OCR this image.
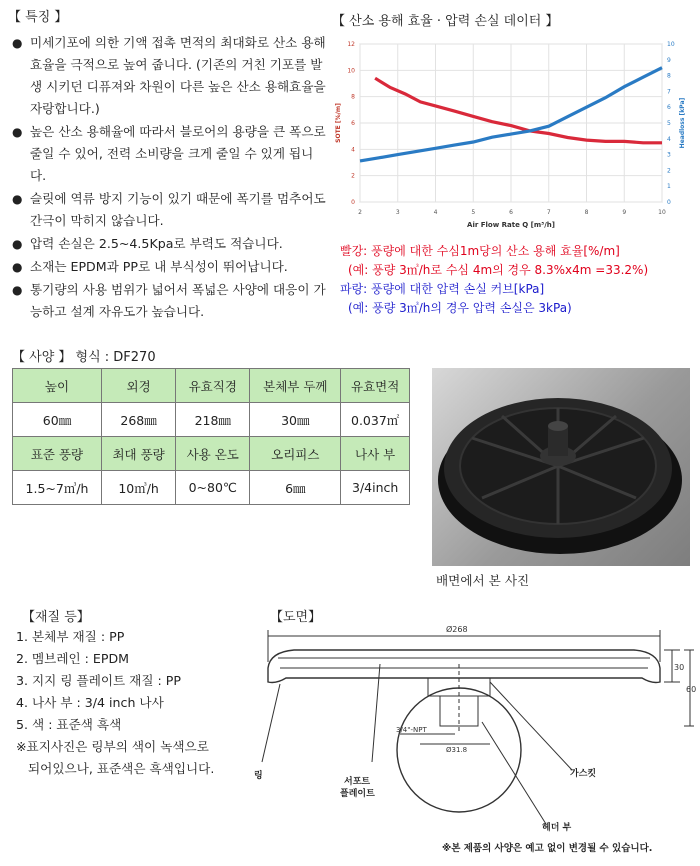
【 특징 】
● 미세기포에 의한 기액 접촉 면적의 최대화로 산소 용해 효율을 극적으로 높여 줍니다. (기존의 거친 기포를 발생 시키던 디퓨져와 차원이 다른 높은 산소 용해효율을 자랑합니다.)
● 높은 산소 용해율에 따라서 블로어의 용량을 큰 폭으로 줄일 수 있어, 전력 소비량을 크게 줄일 수 있게 됩니다.
● 슬릿에 역류 방지 기능이 있기 때문에 폭기를 멈추어도 간극이 막히지 않습니다.
● 압력 손실은 2.5~4.5Kpa로 부력도 적습니다.
● 소재는 EPDM과 PP로 내 부식성이 뛰어납니다.
● 통기량의 사용 범위가 넓어서 폭넓은 사양에 대응이 가능하고 설계 자유도가 높습니다.
【 산소 용해 효율 · 압력 손실 데이터 】
2	3	4	5	6	7	8	9	10
0
2
4
6
8
10
12
0
1
2
3
4
5
6
7
8
9
10
Air Flow Rate Q [m³/h]
SOTE [%/m]	Headloss [kPa]
빨강: 풍량에 대한 수심1m당의 산소 용해 효율[%/m]
(예: 풍량 3㎥/h로 수심 4m의 경우 8.3%x4m =33.2%)
파랑: 풍량에 대한 압력 손실 커브[kPa]
(예: 풍량 3㎥/h의 경우 압력 손실은 3kPa)
【 사양 】 형식 : DF270
높이	외경	유효직경	본체부 두께	유효면적
60㎜	268㎜	218㎜	30㎜	0.037㎡
표준 풍량	최대 풍량	사용 온도	오리피스	나사 부
1.5~7㎥/h	10㎥/h	0~80℃	6㎜	3/4inch
배면에서 본 사진
【재질 등】
1. 본체부 재질 : PP
2. 멤브레인 : EPDM
3. 지지 링 플레이트 재질 : PP
4. 나사 부 : 3/4 inch 나사
5. 색 : 표준색 흑색
※표지사진은 링부의 색이 녹색으로
되어있으나, 표준색은 흑색입니다.
【도면】
Ø268
30
60
3/4"-NPT
Ø31.8
링
서포트
플레이트
가스킷
헤더 부
※본 제품의 사양은 예고 없이 변경될 수 있습니다.
